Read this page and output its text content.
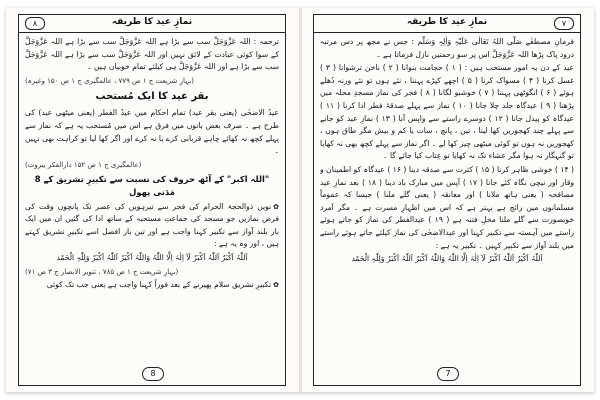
نمازِ عید کا طریقہ
۸

ترجمہ : اللہ عَزَّوَجَلَّ سب سے بڑا ہے اللہ عَزَّوَجَلَّ سب سے بڑا ہے اللہ عَزَّوَجَلَّ کے سوا کوئی عبادت کے لائق نہیں اور اللہ عَزَّوَجَلَّ سب سے بڑا ہے اللہ عَزَّوَجَلَّ سب سے بڑا ہے اور اللہ عَزَّوَجَلَّ ہی کیلئے تمام خوبیاں ہیں ۔

(بہارِ شریعت ج ۱ ص ۷۷۹ ، عالمگیری ج ۱ ص ۱۵۰ وغیرہ)

بقر عید کا ایک مُستحب

عیدُ الاضحٰی (یعنی بقر عید) تمام احکام میں عیدُ الفطر (یعنی میٹھی عید) کی طرح ہے ۔ صرف بعض باتوں میں فرق ہے اس میں مُستحب یہ ہے کہ نماز سے پہلے کچھ نہ کھائے چاہے قربانی کرے یا نہ کرے اور اگر کھا لیا تو کراہت بھی نہیں ۔

(عالمگیری ج ۱ ص ۱۵۲ دارالفکر بیروت)

"اللہ اکبر" کے آٹھ حروف کی نسبت سے تکبیرِ تشریق کے 8 مَدَنی پھول

✿نویں ذوالحجۃ الحرام کی فجر سے تیرہویں کی عصر تک پانچوں وقت کی فرض نمازیں جو مسجد کی جماعتِ مستحبہ کے ساتھ ادا کی گئیں ان میں ایک بار بلند آواز سے تکبیر کہنا واجب ہے اور تین بار افضل اسے تکبیرِ تشریق کہتے ہیں ، اور وہ یہ ہے :

اَللّٰہُ اَکْبَرُ اَللّٰہُ اَکْبَرُ لَآ اِلٰہَ اِلَّا اللّٰہُ وَاللّٰہُ اَکْبَرُ اَللّٰہُ اَکْبَرُ وَلِلّٰہِ الْحَمْد

(بہارِ شریعت ج ۱ ص ۷۸۵ ، تنویر الابصار ج ۳ ص ۷۱)

✿تکبیرِ تشریق سلام پھیرنے کے بعد فوراً کہنا واجب ہے یعنی جب تک کوئی

8
نمازِ عید کا طریقہ	۷

فرمانِ مصطفٰے صَلَّی اللہُ تَعَالٰی عَلَیْہِ وَاٰلِہٖ وَسَلَّم : جس نے مجھ پر دس مرتبہ درود پاک پڑھا اللہ عَزَّوَجَلَّ اس پر سو رحمتیں نازل فرماتا ہے ۔

عید کے دن یہ امور مستحب ہیں : ( ۱ ) حجامت بنوانا ( ۲ ) ناخن ترشوانا ( ۳ ) غسل کرنا ( ۴ ) مسواک کرنا ( ۵ ) اچھے کپڑے پہننا ، نئے ہوں تو نئے ورنہ دُھلے ہوئے ( ۶ ) انگوٹھی پہننا ( ۷ ) خوشبو لگانا ( ۸ ) فجر کی نماز مسجدِ محلہ میں پڑھنا ( ۹ ) عیدگاہ جلد چلا جانا ( ۱۰ ) نماز سے پہلے صدقۂ فطر ادا کرنا ( ۱۱ ) عیدگاہ کو پیدل جانا ( ۱۲ ) دوسرے راستے سے واپس آنا ( ۱۳ ) نمازِ عید کو جانے سے پہلے چند کھجوریں کھا لینا ، تین ، پانچ ، سات یا کم و بیش مگر طاق ہوں ، کھجوریں نہ ہوں تو کوئی میٹھی چیز کھا لے ۔ اگر نماز سے پہلے کچھ بھی نہ کھایا تو گنہگار نہ ہوا مگر عشاء تک نہ کھایا تو عِتاب کیا جائے گا ۔

( ۱۴ ) خوشی ظاہر کرنا ( ۱۵ ) کثرت سے صدقہ دینا ( ۱۶ ) عیدگاہ کو اطمینان و وقار اور نیچی نگاہ کئے جانا ( ۱۷ ) آپس میں مبارک باد دینا ( ۱۸ ) بعد نمازِ عید مصافحہ ( یعنی ہاتھ ملانا ) اور معانقہ ( یعنی گلے ملنا ) جیسا کہ عموماً مسلمانوں میں رائج ہے بہتر ہے کہ اس میں اظہارِ مسرت ہے ۔ مگر اَمرد خوبصورت سے گلے ملنا محلِ فتنہ ہے ( ۱۹ ) عیدالفطر کی نماز کو جاتے ہوئے راستے میں آہستہ سے تکبیر کہنا اور عیدالاضحٰی کی نماز کیلئے جاتے ہوئے راستے میں بلند آواز سے تکبیر کہیں ۔ تکبیر یہ ہے :

اَللّٰہُ اَکْبَرُ اَللّٰہُ اَکْبَرُ لَآ اِلٰہَ اِلَّا اللّٰہُ وَاللّٰہُ اَکْبَرُ اَللّٰہُ اَکْبَرُ وَلِلّٰہِ الْحَمْد

7
